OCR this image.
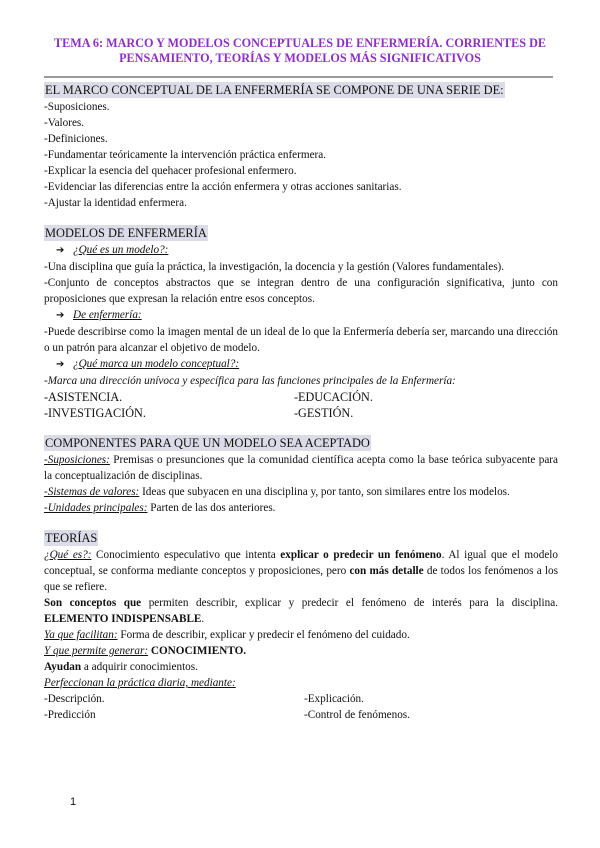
TEMA 6: MARCO Y MODELOS CONCEPTUALES DE ENFERMERÍA. CORRIENTES DE PENSAMIENTO, TEORÍAS Y MODELOS MÁS SIGNIFICATIVOS

EL MARCO CONCEPTUAL DE LA ENFERMERÍA SE COMPONE DE UNA SERIE DE:

-Suposiciones.

-Valores.

-Definiciones.

-Fundamentar teóricamente la intervención práctica enfermera.

-Explicar la esencia del quehacer profesional enfermero.

-Evidenciar las diferencias entre la acción enfermera y otras acciones sanitarias.

-Ajustar la identidad enfermera.

MODELOS DE ENFERMERÍA

➔ ¿Qué es un modelo?:

-Una disciplina que guía la práctica, la investigación, la docencia y la gestión (Valores fundamentales).

-Conjunto de conceptos abstractos que se integran dentro de una configuración significativa, junto con proposiciones que expresan la relación entre esos conceptos.

➔ De enfermería:

-Puede describirse como la imagen mental de un ideal de lo que la Enfermería debería ser, marcando una dirección o un patrón para alcanzar el objetivo de modelo.

➔ ¿Qué marca un modelo conceptual?:

-Marca una dirección unívoca y específica para las funciones principales de la Enfermería:

-ASISTENCIA.	-EDUCACIÓN.
-INVESTIGACIÓN.	-GESTIÓN.
COMPONENTES PARA QUE UN MODELO SEA ACEPTADO

-Suposiciones: Premisas o presunciones que la comunidad científica acepta como la base teórica subyacente para la conceptualización de disciplinas.

-Sistemas de valores: Ideas que subyacen en una disciplina y, por tanto, son similares entre los modelos.

-Unidades principales: Parten de las dos anteriores.

TEORÍAS

¿Qué es?: Conocimiento especulativo que intenta explicar o predecir un fenómeno. Al igual que el modelo conceptual, se conforma mediante conceptos y proposiciones, pero con más detalle de todos los fenómenos a los que se refiere.

Son conceptos que permiten describir, explicar y predecir el fenómeno de interés para la disciplina. ELEMENTO INDISPENSABLE.

Ya que facilitan: Forma de describir, explicar y predecir el fenómeno del cuidado.

Y que permite generar: CONOCIMIENTO.

Ayudan a adquirir conocimientos.

Perfeccionan la práctica diaria, mediante:

-Descripción.	-Explicación.
-Predicción	-Control de fenómenos.
1
